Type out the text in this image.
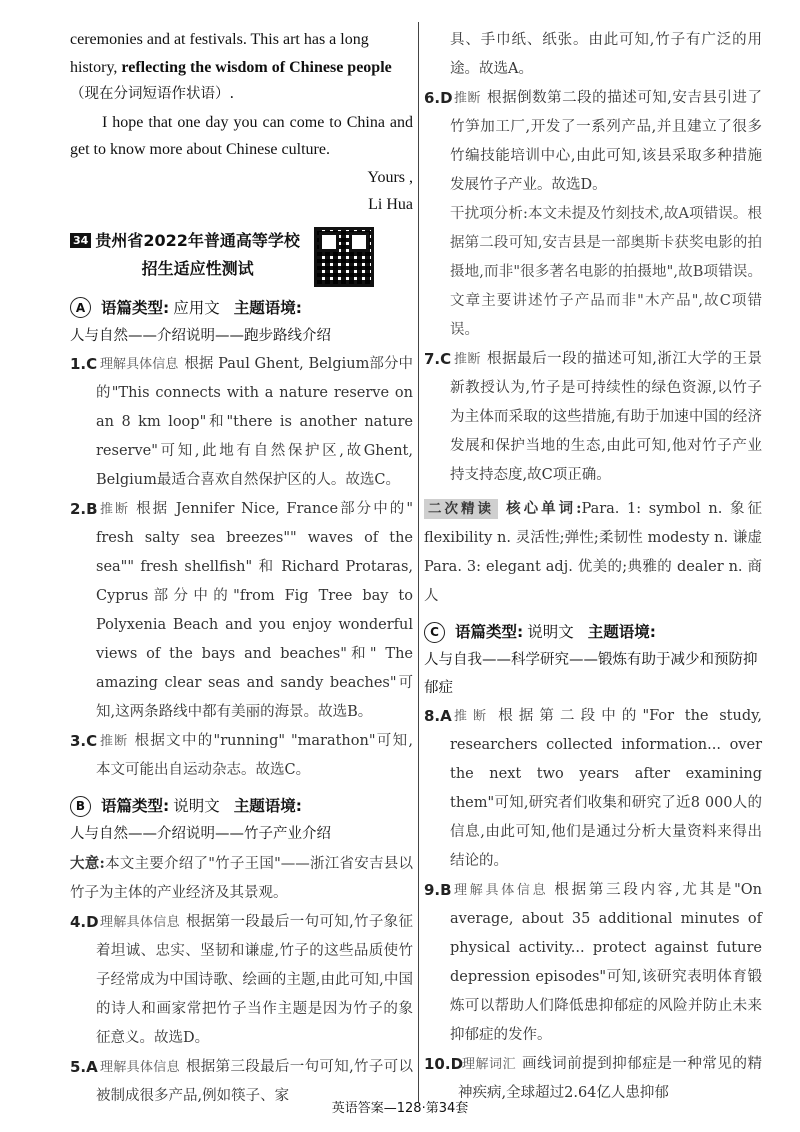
ceremonies and at festivals. This art has a long

history, reflecting the wisdom of Chinese people

（现在分词短语作状语）.

I hope that one day you can come to China and get to know more about Chinese culture.

Yours ,

Li Hua

34 贵州省2022年普通高等学校
招生适应性测试
A	语篇类型: 应用文 主题语境:

人与自然——介绍说明——跑步路线介绍

1.C 理解具体信息 根据 Paul Ghent, Belgium部分中的"This connects with a nature reserve on an 8 km loop"和"there is another nature reserve"可知,此地有自然保护区,故Ghent, Belgium最适合喜欢自然保护区的人。故选C。
2.B 推断 根据 Jennifer Nice, France部分中的" fresh salty sea breezes"" waves of the sea"" fresh shellfish" 和 Richard Protaras, Cyprus部分中的"from Fig Tree bay to Polyxenia Beach and you enjoy wonderful views of the bays and beaches"和" The amazing clear seas and sandy beaches"可知,这两条路线中都有美丽的海景。故选B。
3.C 推断 根据文中的"running" "marathon"可知,本文可能出自运动杂志。故选C。
B	语篇类型: 说明文 主题语境:

人与自然——介绍说明——竹子产业介绍

大意:本文主要介绍了"竹子王国"——浙江省安吉县以竹子为主体的产业经济及其景观。

4.D 理解具体信息 根据第一段最后一句可知,竹子象征着坦诚、忠实、坚韧和谦虚,竹子的这些品质使竹子经常成为中国诗歌、绘画的主题,由此可知,中国的诗人和画家常把竹子当作主题是因为竹子的象征意义。故选D。
5.A 理解具体信息 根据第三段最后一句可知,竹子可以被制成很多产品,例如筷子、家

具、手巾纸、纸张。由此可知,竹子有广泛的用途。故选A。

6.D 推断 根据倒数第二段的描述可知,安吉县引进了竹笋加工厂,开发了一系列产品,并且建立了很多竹编技能培训中心,由此可知,该县采取多种措施发展竹子产业。故选D。

干扰项分析:本文未提及竹刻技术,故A项错误。根据第二段可知,安吉县是一部奥斯卡获奖电影的拍摄地,而非"很多著名电影的拍摄地",故B项错误。文章主要讲述竹子产品而非"木产品",故C项错误。

7.C 推断 根据最后一段的描述可知,浙江大学的王景新教授认为,竹子是可持续性的绿色资源,以竹子为主体而采取的这些措施,有助于加速中国的经济发展和保护当地的生态,由此可知,他对竹子产业持支持态度,故C项正确。

二次精读 核心单词:Para. 1: symbol n. 象征 flexibility n. 灵活性;弹性;柔韧性 modesty n. 谦虚 Para. 3: elegant adj. 优美的;典雅的 dealer n. 商人

C	语篇类型: 说明文 主题语境:

人与自我——科学研究——锻炼有助于减少和预防抑郁症

8.A 推断 根据第二段中的"For the study, researchers collected information... over the next two years after examining them"可知,研究者们收集和研究了近8 000人的信息,由此可知,他们是通过分析大量资料来得出结论的。
9.B 理解具体信息 根据第三段内容,尤其是"On average, about 35 additional minutes of physical activity... protect against future depression episodes"可知,该研究表明体育锻炼可以帮助人们降低患抑郁症的风险并防止未来抑郁症的发作。
10.D
理解词汇 画线词前提到抑郁症是一种常见的精神疾病,全球超过2.64亿人患抑郁
英语答案—128·第34套
